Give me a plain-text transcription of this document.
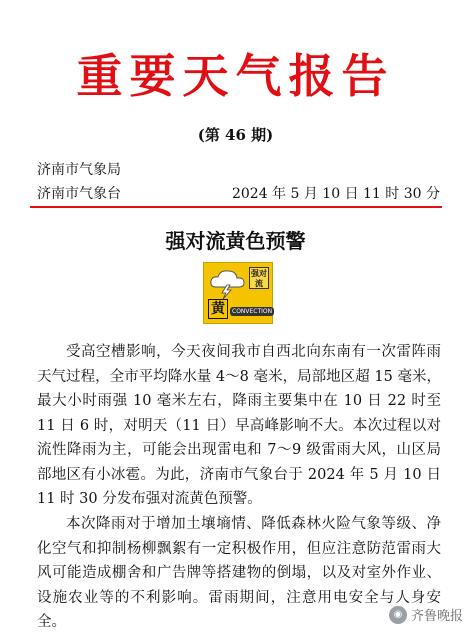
重要天气报告
(第 46 期)
济南市气象局
济南市气象台	2024 年 5 月 10 日 11 时 30 分
强对流黄色预警
强对流
黄	CONVECTION

受高空槽影响，今天夜间我市自西北向东南有一次雷阵雨天气过程，全市平均降水量 4～8 毫米，局部地区超 15 毫米，最大小时雨强 10 毫米左右，降雨主要集中在 10 日 22 时至 11 日 6 时，对明天（11 日）早高峰影响不大。本次过程以对流性降雨为主，可能会出现雷电和 7～9 级雷雨大风，山区局部地区有小冰雹。为此，济南市气象台于 2024 年 5 月 10 日 11 时 30 分发布强对流黄色预警。

本次降雨对于增加土壤墒情、降低森林火险气象等级、净化空气和抑制杨柳飘絮有一定积极作用，但应注意防范雷雨大风可能造成棚舍和广告牌等搭建物的倒塌，以及对室外作业、设施农业等的不利影响。雷雨期间，注意用电安全与人身安全。	◉ 齐鲁晚报
